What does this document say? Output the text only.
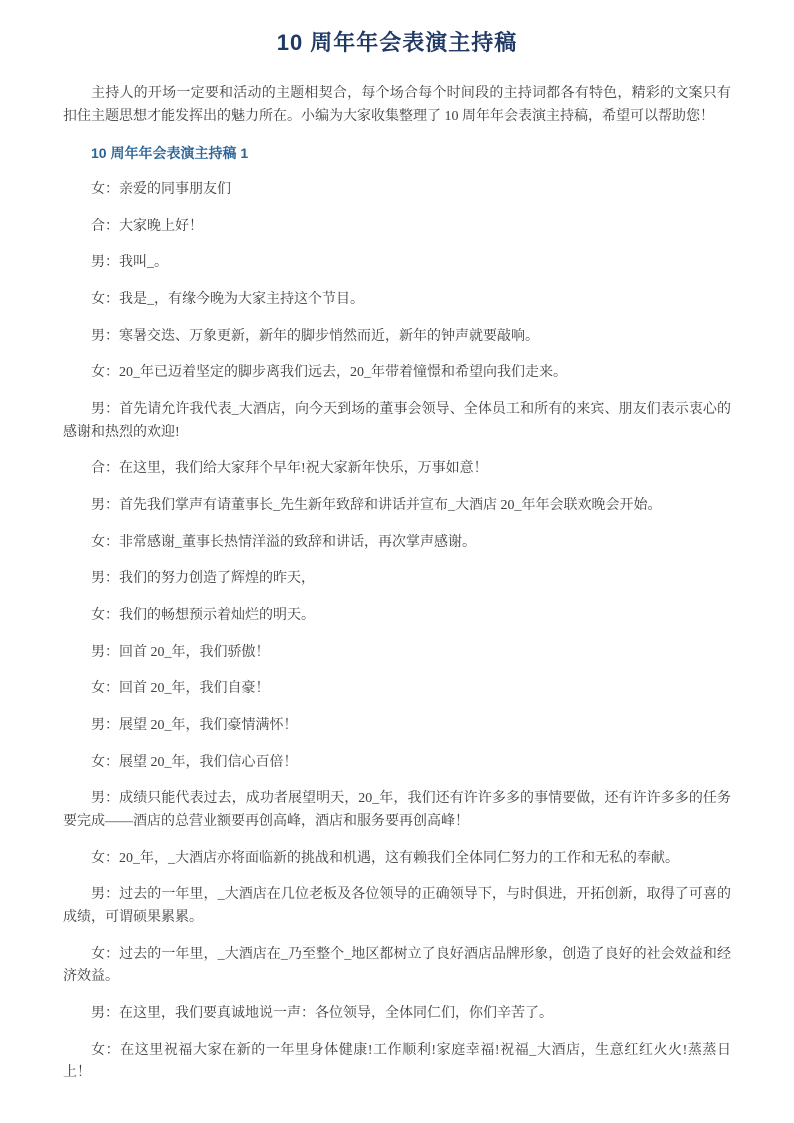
10 周年年会表演主持稿

主持人的开场一定要和活动的主题相契合，每个场合每个时间段的主持词都各有特色，精彩的文案只有扣住主题思想才能发挥出的魅力所在。小编为大家收集整理了 10 周年年会表演主持稿，希望可以帮助您！

10 周年年会表演主持稿 1

女：亲爱的同事朋友们

合：大家晚上好！

男：我叫_。

女：我是_，有缘今晚为大家主持这个节目。

男：寒暑交迭、万象更新，新年的脚步悄然而近，新年的钟声就要敲响。

女：20_年已迈着坚定的脚步离我们远去，20_年带着憧憬和希望向我们走来。

男：首先请允许我代表_大酒店，向今天到场的董事会领导、全体员工和所有的来宾、朋友们表示衷心的感谢和热烈的欢迎!

合：在这里，我们给大家拜个早年!祝大家新年快乐，万事如意！

男：首先我们掌声有请董事长_先生新年致辞和讲话并宣布_大酒店 20_年年会联欢晚会开始。

女：非常感谢_董事长热情洋溢的致辞和讲话，再次掌声感谢。

男：我们的努力创造了辉煌的昨天，

女：我们的畅想预示着灿烂的明天。

男：回首 20_年，我们骄傲！

女：回首 20_年，我们自豪！

男：展望 20_年，我们豪情满怀！

女：展望 20_年，我们信心百倍！

男：成绩只能代表过去，成功者展望明天，20_年，我们还有许许多多的事情要做，还有许许多多的任务要完成——酒店的总营业额要再创高峰，酒店和服务要再创高峰！

女：20_年，_大酒店亦将面临新的挑战和机遇，这有赖我们全体同仁努力的工作和无私的奉献。

男：过去的一年里，_大酒店在几位老板及各位领导的正确领导下，与时俱进，开拓创新，取得了可喜的成绩，可谓硕果累累。

女：过去的一年里，_大酒店在_乃至整个_地区都树立了良好酒店品牌形象，创造了良好的社会效益和经济效益。

男：在这里，我们要真诚地说一声：各位领导，全体同仁们，你们辛苦了。

女：在这里祝福大家在新的一年里身体健康!工作顺利!家庭幸福!祝福_大酒店，生意红红火火!蒸蒸日上！
